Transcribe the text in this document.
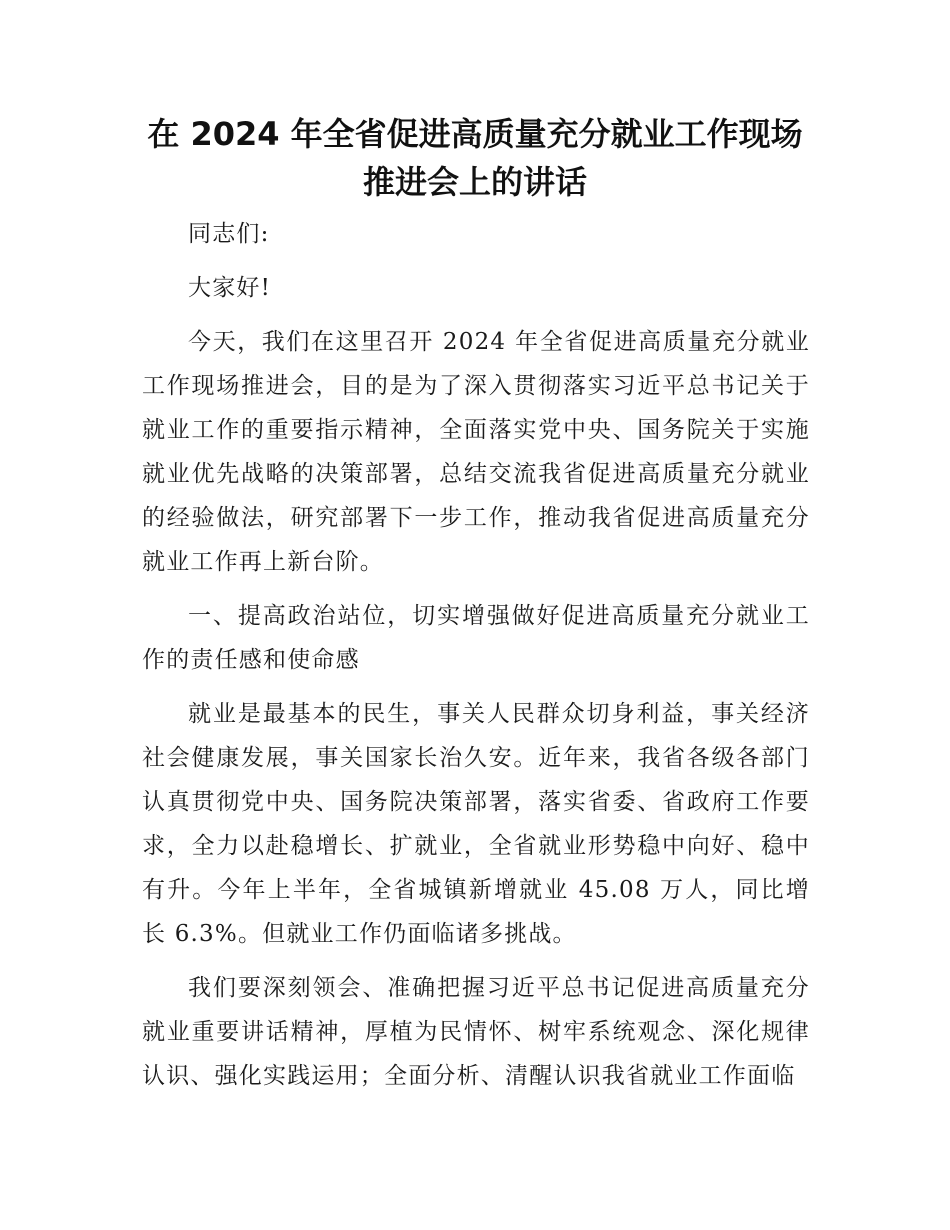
在 2024 年全省促进高质量充分就业工作现场推进会上的讲话

同志们:

大家好!

今天，我们在这里召开 2024 年全省促进高质量充分就业工作现场推进会，目的是为了深入贯彻落实习近平总书记关于就业工作的重要指示精神，全面落实党中央、国务院关于实施就业优先战略的决策部署，总结交流我省促进高质量充分就业的经验做法，研究部署下一步工作，推动我省促进高质量充分就业工作再上新台阶。

一、提高政治站位，切实增强做好促进高质量充分就业工作的责任感和使命感

就业是最基本的民生，事关人民群众切身利益，事关经济社会健康发展，事关国家长治久安。近年来，我省各级各部门认真贯彻党中央、国务院决策部署，落实省委、省政府工作要求，全力以赴稳增长、扩就业，全省就业形势稳中向好、稳中有升。今年上半年，全省城镇新增就业 45.08 万人，同比增长 6.3%。但就业工作仍面临诸多挑战。

我们要深刻领会、准确把握习近平总书记促进高质量充分就业重要讲话精神，厚植为民情怀、树牢系统观念、深化规律认识、强化实践运用；全面分析、清醒认识我省就业工作面临
